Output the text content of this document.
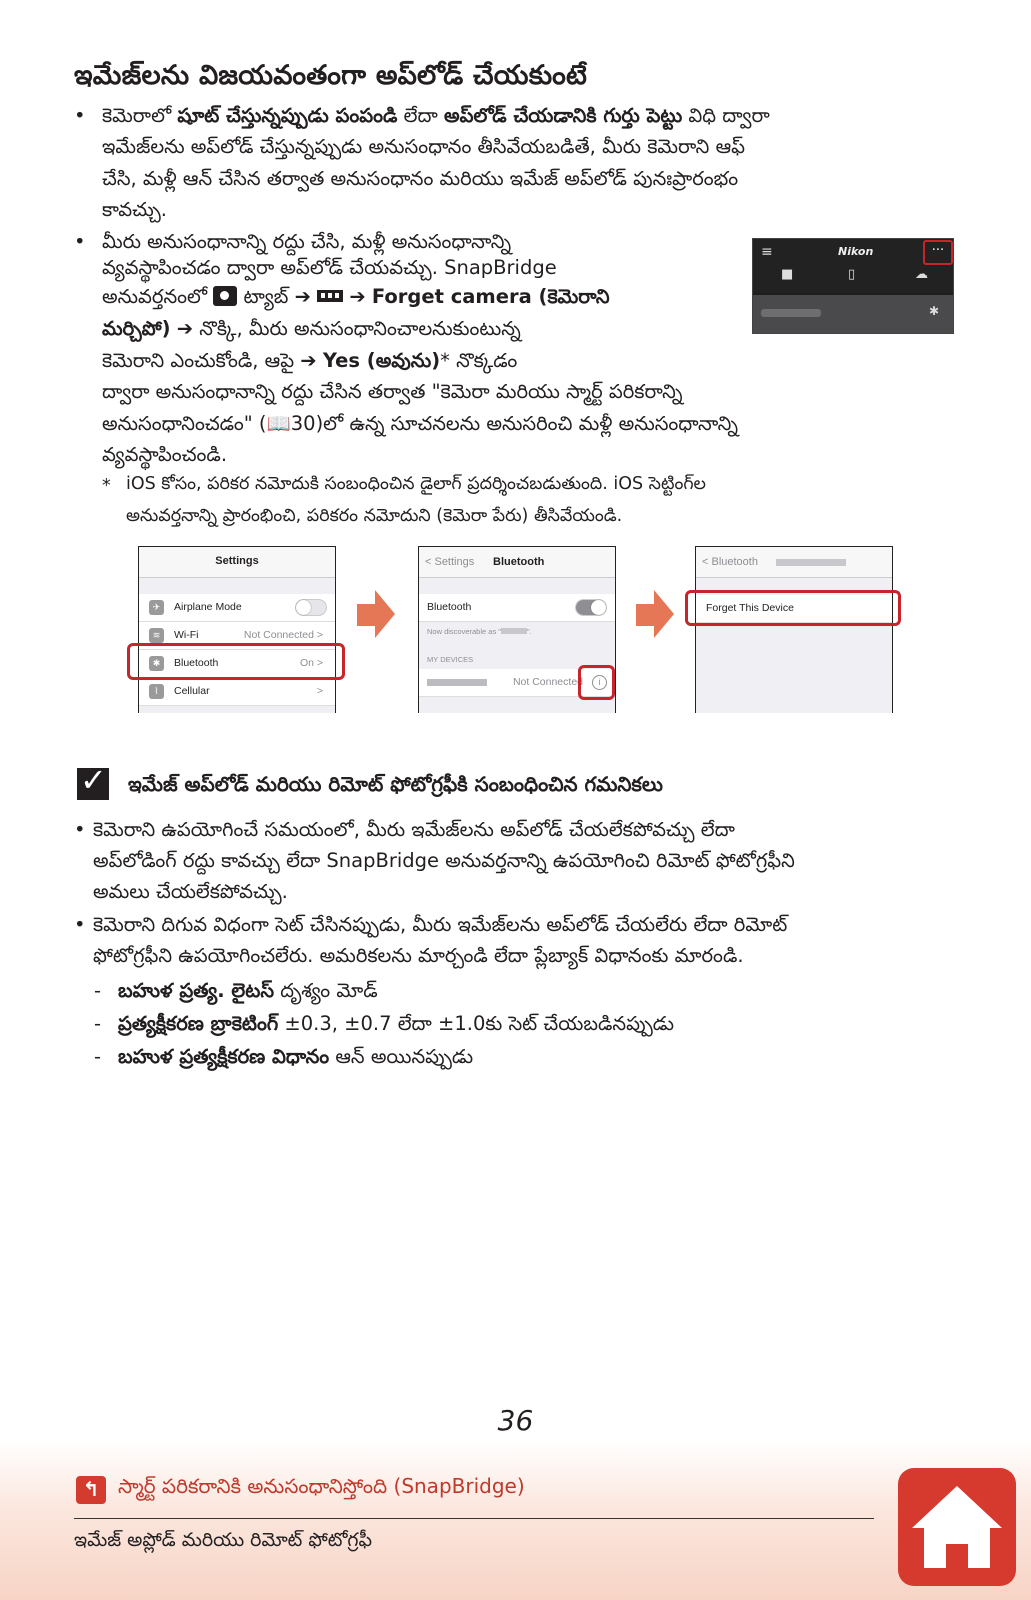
ఇమేజ్‌లను విజయవంతంగా అప్‌లోడ్ చేయకుంటే
• కెమెరాలో షూట్ చేస్తున్నప్పుడు పంపండి లేదా అప్‌లోడ్ చేయడానికి గుర్తు పెట్టు విధి ద్వారా
ఇమేజ్‌లను అప్‌లోడ్ చేస్తున్నప్పుడు అనుసంధానం తీసివేయబడితే, మీరు కెమెరాని ఆఫ్
చేసి, మళ్లీ ఆన్ చేసిన తర్వాత అనుసంధానం మరియు ఇమేజ్ అప్‌లోడ్ పునఃప్రారంభం
కావచ్చు.
• మీరు అనుసంధానాన్ని రద్దు చేసి, మళ్లీ అనుసంధానాన్ని
వ్యవస్థాపించడం ద్వారా అప్‌లోడ్ చేయవచ్చు. SnapBridge
అనువర్తనంలో
ట్యాబ్ ➔
➔ Forget camera (కెమెరాని
మర్చిపో) ➔ నొక్కి, మీరు అనుసంధానించాలనుకుంటున్న
కెమెరాని ఎంచుకోండి, ఆపై ➔ Yes (అవును)* నొక్కడం
ద్వారా అనుసంధానాన్ని రద్దు చేసిన తర్వాత "కెమెరా మరియు స్మార్ట్ పరికరాన్ని
అనుసంధానించడం" (📖30)లో ఉన్న సూచనలను అనుసరించి మళ్లీ అనుసంధానాన్ని
వ్యవస్థాపించండి.
* iOS కోసం, పరికర నమోదుకి సంబంధించిన డైలాగ్ ప్రదర్శించబడుతుంది. iOS సెట్టింగ్‌ల
అనువర్తనాన్ని ప్రారంభించి, పరికరం నమోదుని (కెమెరా పేరు) తీసివేయండి.
≡	Nikon	···
■	▯	☁
✱
Settings
✈	Airplane Mode
≋	Wi-Fi	Not Connected >
✱	Bluetooth	On >
⌇	Cellular	>
< Settings Bluetooth
Bluetooth
Now discoverable as "	".
MY DEVICES
Not Connected	i
< Bluetooth
Forget This Device
✓ ఇమేజ్ అప్‌లోడ్ మరియు రిమోట్ ఫోటోగ్రఫీకి సంబంధించిన గమనికలు
• కెమెరాని ఉపయోగించే సమయంలో, మీరు ఇమేజ్‌లను అప్‌లోడ్ చేయలేకపోవచ్చు లేదా
అప్‌లోడింగ్ రద్దు కావచ్చు లేదా SnapBridge అనువర్తనాన్ని ఉపయోగించి రిమోట్ ఫోటోగ్రఫీని
అమలు చేయలేకపోవచ్చు.
• కెమెరాని దిగువ విధంగా సెట్ చేసినప్పుడు, మీరు ఇమేజ్‌లను అప్‌లోడ్ చేయలేరు లేదా రిమోట్
ఫోటోగ్రఫీని ఉపయోగించలేరు. అమరికలను మార్చండి లేదా ప్లేబ్యాక్ విధానంకు మారండి.
- బహుళ ప్రత్య. లైటస్ దృశ్యం మోడ్
- ప్రత్యక్షీకరణ బ్రాకెటింగ్ ±0.3, ±0.7 లేదా ±1.0కు సెట్ చేయబడినప్పుడు
- బహుళ ప్రత్యక్షీకరణ విధానం ఆన్ అయినప్పుడు
36
↰ స్మార్ట్ పరికరానికి అనుసంధానిస్తోంది (SnapBridge)
ఇమేజ్ అప్లోడ్ మరియు రిమోట్ ఫోటోగ్రఫీ
